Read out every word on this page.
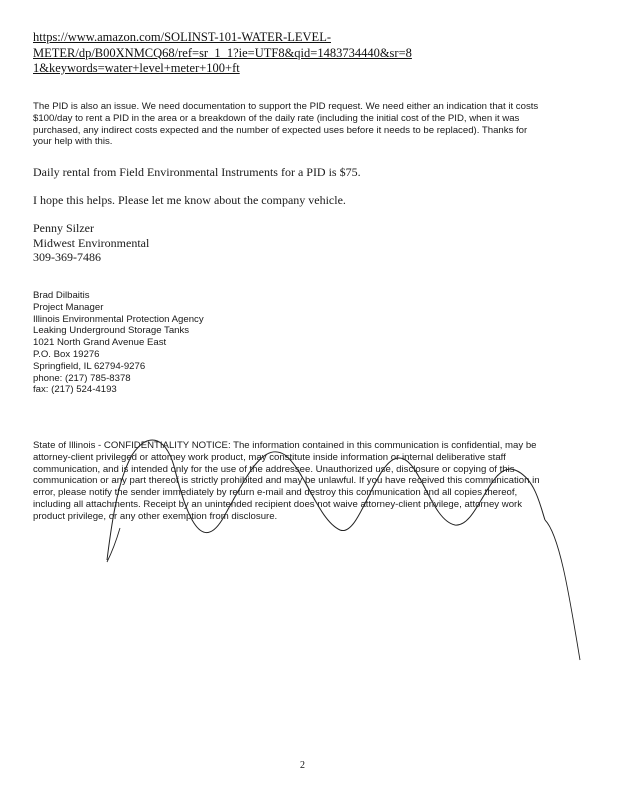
https://www.amazon.com/SOLINST-101-WATER-LEVEL-
METER/dp/B00XNMCQ68/ref=sr_1_1?ie=UTF8&qid=1483734440&sr=8
1&keywords=water+level+meter+100+ft
The PID is also an issue. We need documentation to support the PID request. We need either an indication that it costs
$100/day to rent a PID in the area or a breakdown of the daily rate (including the initial cost of the PID, when it was
purchased, any indirect costs expected and the number of expected uses before it needs to be replaced). Thanks for
your help with this.
Daily rental from Field Environmental Instruments for a PID is $75.
I hope this helps. Please let me know about the company vehicle.
Penny Silzer
Midwest Environmental
309-369-7486
Brad Dilbaitis
Project Manager
Illinois Environmental Protection Agency
Leaking Underground Storage Tanks
1021 North Grand Avenue East
P.O. Box 19276
Springfield, IL 62794-9276
phone: (217) 785-8378
fax: (217) 524-4193
State of Illinois - CONFIDENTIALITY NOTICE: The information contained in this communication is confidential, may be
attorney-client privileged or attorney work product, may constitute inside information or internal deliberative staff
communication, and is intended only for the use of the addressee. Unauthorized use, disclosure or copying of this
communication or any part thereof is strictly prohibited and may be unlawful. If you have received this communication in
error, please notify the sender immediately by return e-mail and destroy this communication and all copies thereof,
including all attachments. Receipt by an unintended recipient does not waive attorney-client privilege, attorney work
product privilege, or any other exemption from disclosure.
2
